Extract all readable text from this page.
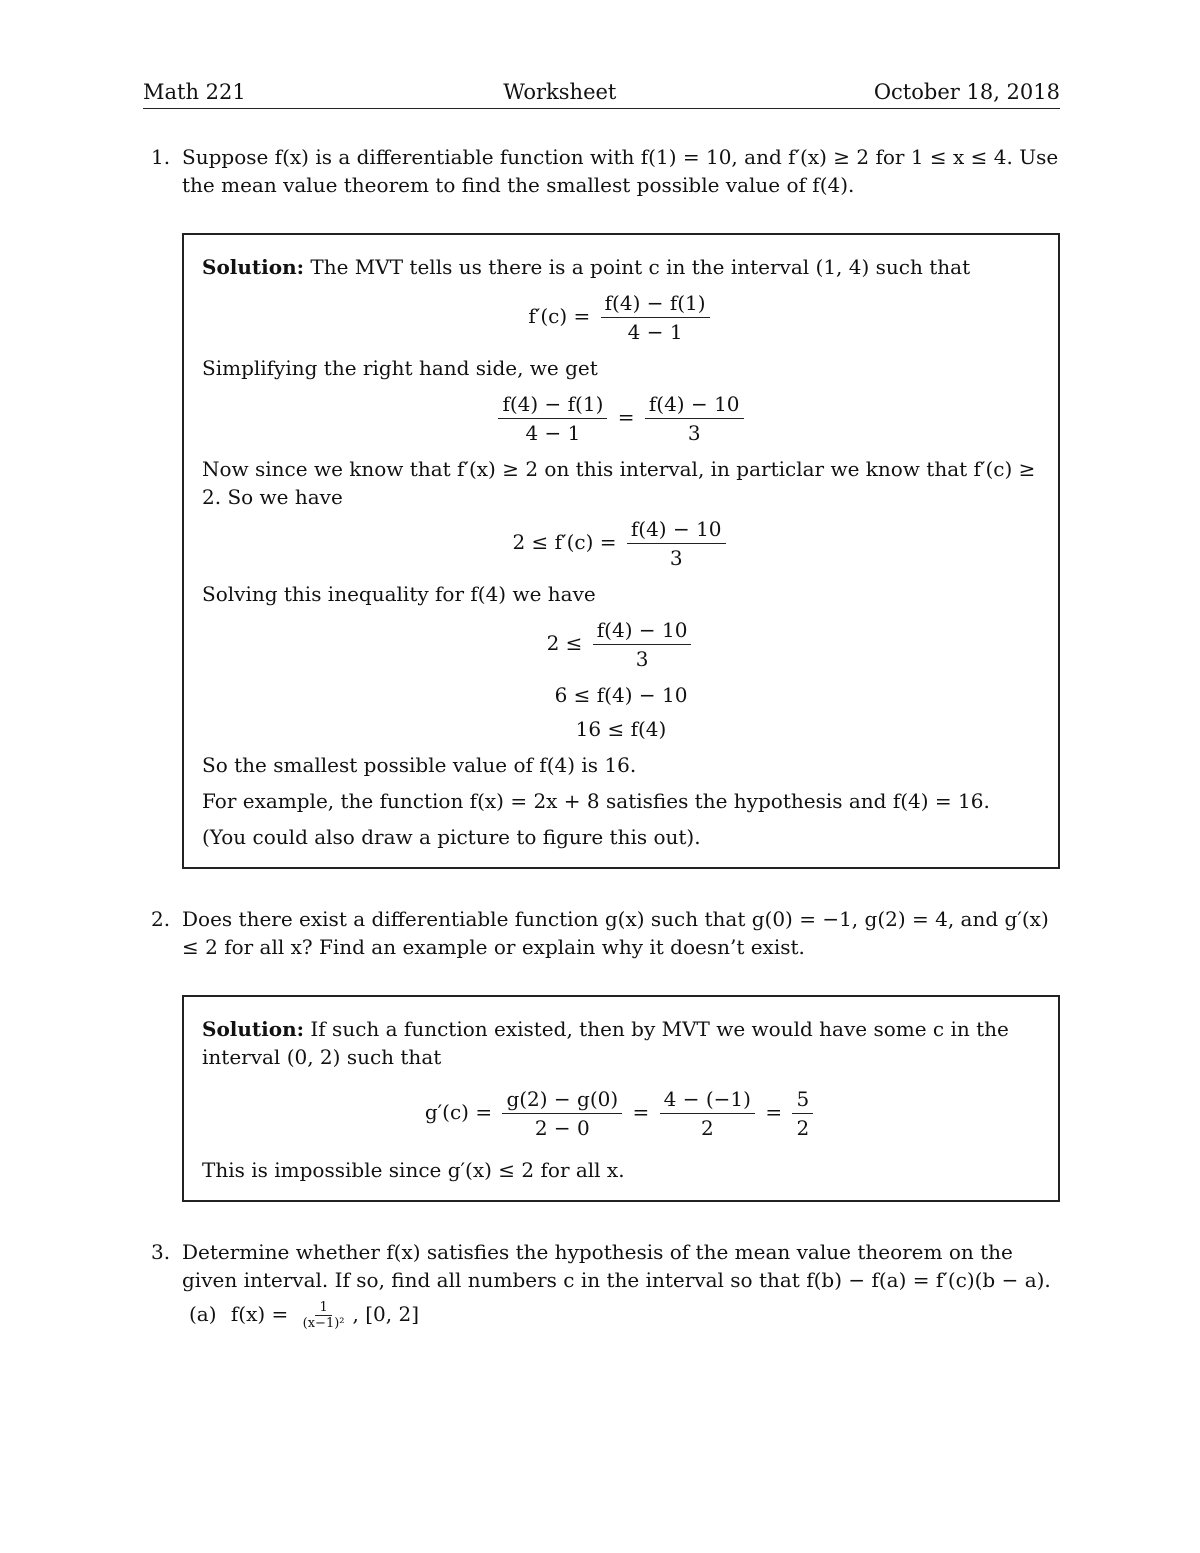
Math 221	Worksheet	October 18, 2018
1. Suppose f(x) is a differentiable function with f(1) = 10, and f′(x) ≥ 2 for 1 ≤ x ≤ 4. Use the mean value theorem to find the smallest possible value of f(4).
Solution: The MVT tells us there is a point c in the interval (1, 4) such that
$f'(c) = \frac{f(4) - f(1)}{4 - 1}$
Simplifying the right hand side, we get
$\frac{f(4) - f(1)}{4 - 1} = \frac{f(4) - 10}{3}$
Now since we know that f′(x) ≥ 2 on this interval, in particlar we know that f′(c) ≥ 2. So we have
$2 \le f'(c) = \frac{f(4) - 10}{3}$
Solving this inequality for f(4) we have
$2 \le \frac{f(4) - 10}{3}$
6 ≤ f(4) − 10
16 ≤ f(4)
So the smallest possible value of f(4) is 16.
For example, the function f(x) = 2x + 8 satisfies the hypothesis and f(4) = 16.
(You could also draw a picture to figure this out).
2. Does there exist a differentiable function g(x) such that g(0) = −1, g(2) = 4, and g′(x) ≤ 2 for all x? Find an example or explain why it doesn’t exist.
Solution: If such a function existed, then by MVT we would have some c in the interval (0, 2) such that
$g'(c) = \frac{g(2) - g(0)}{2 - 0} = \frac{4 - (-1)}{2} = \frac{5}{2}$
This is impossible since g′(x) ≤ 2 for all x.
3. Determine whether f(x) satisfies the hypothesis of the mean value theorem on the given interval. If so, find all numbers c in the interval so that f(b) − f(a) = f′(c)(b − a).
(a) $f(x) = \frac{1}{\text{(x−1)²}}$ , [0, 2]
